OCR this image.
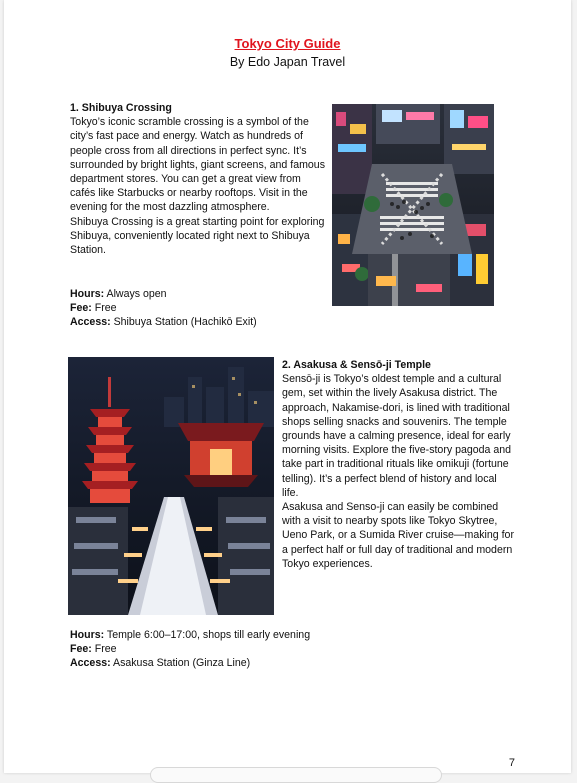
Tokyo City Guide
By Edo Japan Travel
1. Shibuya Crossing

Tokyo’s iconic scramble crossing is a symbol of the city’s fast pace and energy. Watch as hundreds of people cross from all directions in perfect sync. It’s surrounded by bright lights, giant screens, and famous department stores. You can get a great view from cafés like Starbucks or nearby rooftops. Visit in the evening for the most dazzling atmosphere.

Shibuya Crossing is a great starting point for exploring Shibuya, conveniently located right next to Shibuya Station.

Hours: Always open
Fee: Free
Access: Shibuya Station (Hachikō Exit)
2. Asakusa & Sensō-ji Temple

Sensō-ji is Tokyo’s oldest temple and a cultural gem, set within the lively Asakusa district. The approach, Nakamise-dori, is lined with traditional shops selling snacks and souvenirs. The temple grounds have a calming presence, ideal for early morning visits. Explore the five-story pagoda and take part in traditional rituals like omikuji (fortune telling). It’s a perfect blend of history and local life.

Asakusa and Senso-ji can easily be combined with a visit to nearby spots like Tokyo Skytree, Ueno Park, or a Sumida River cruise—making for a perfect half or full day of traditional and modern Tokyo experiences.

Hours: Temple 6:00–17:00, shops till early evening
Fee: Free
Access: Asakusa Station (Ginza Line)
7
